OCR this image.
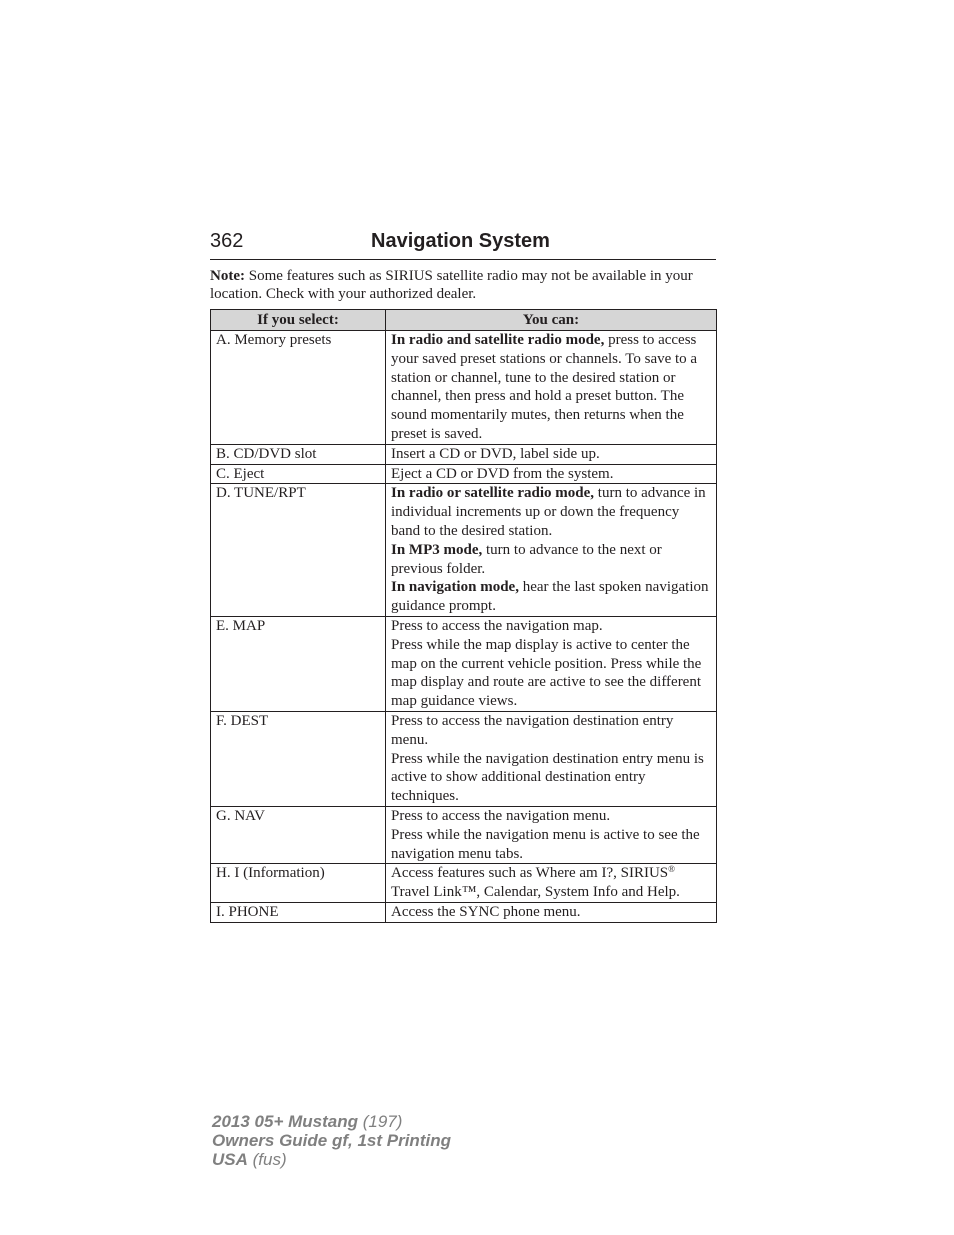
362	Navigation System
Note: Some features such as SIRIUS satellite radio may not be available in your location. Check with your authorized dealer.
If you select:	You can:
A. Memory presets	In radio and satellite radio mode, press to access your saved preset stations or channels. To save to a station or channel, tune to the desired station or channel, then press and hold a preset button. The sound momentarily mutes, then returns when the preset is saved.

B. CD/DVD slot	Insert a CD or DVD, label side up.

C. Eject	Eject a CD or DVD from the system.

D. TUNE/RPT	In radio or satellite radio mode, turn to advance in individual increments up or down the frequency band to the desired station.
In MP3 mode, turn to advance to the next or previous folder.
In navigation mode, hear the last spoken navigation guidance prompt.

E. MAP	Press to access the navigation map.
Press while the map display is active to center the map on the current vehicle position. Press while the map display and route are active to see the different map guidance views.

F. DEST	Press to access the navigation destination entry menu.
Press while the navigation destination entry menu is active to show additional destination entry techniques.

G. NAV	Press to access the navigation menu.
Press while the navigation menu is active to see the navigation menu tabs.

H. I (Information)	Access features such as Where am I?, SIRIUS® Travel Link™, Calendar, System Info and Help.

I. PHONE	Access the SYNC phone menu.
2013 05+ Mustang (197)
Owners Guide gf, 1st Printing
USA (fus)
